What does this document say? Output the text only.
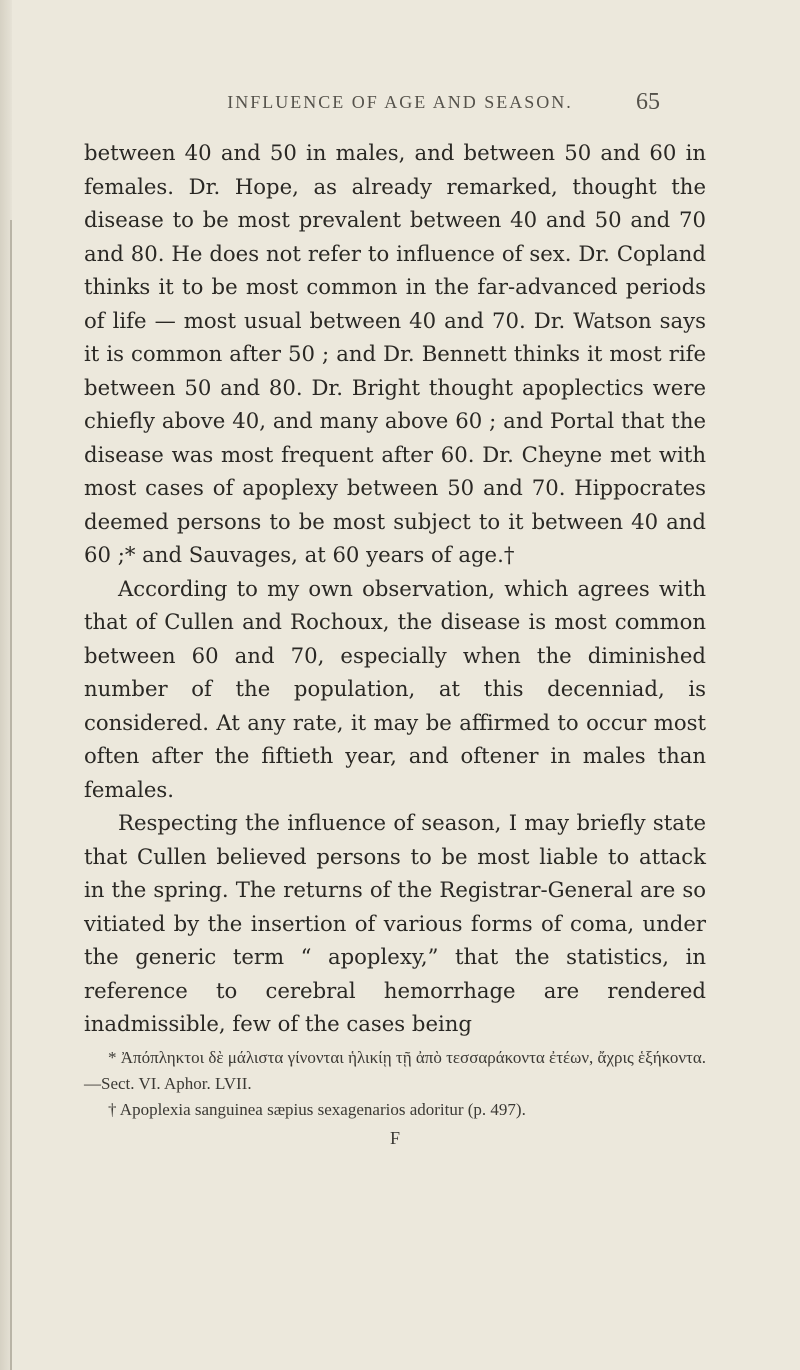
INFLUENCE OF AGE AND SEASON.	65

between 40 and 50 in males, and between 50 and 60 in females. Dr. Hope, as already remarked, thought the disease to be most prevalent between 40 and 50 and 70 and 80. He does not refer to influence of sex. Dr. Copland thinks it to be most common in the far-advanced periods of life — most usual between 40 and 70. Dr. Watson says it is common after 50 ; and Dr. Bennett thinks it most rife between 50 and 80. Dr. Bright thought apoplectics were chiefly above 40, and many above 60 ; and Portal that the disease was most frequent after 60. Dr. Cheyne met with most cases of apoplexy between 50 and 70. Hippocrates deemed persons to be most subject to it between 40 and 60 ;* and Sauvages, at 60 years of age.†

According to my own observation, which agrees with that of Cullen and Rochoux, the disease is most common between 60 and 70, especially when the diminished number of the population, at this decenniad, is considered. At any rate, it may be affirmed to occur most often after the fiftieth year, and oftener in males than females.

Respecting the influence of season, I may briefly state that Cullen believed persons to be most liable to attack in the spring. The returns of the Registrar-General are so vitiated by the insertion of various forms of coma, under the generic term “ apoplexy,” that the statistics, in reference to cerebral hemorrhage are rendered inadmissible, few of the cases being

* Ἀπόπληκτοι δὲ μάλιστα γίνονται ἡλικίῃ τῇ ἀπὸ τεσσαράκοντα ἐτέων, ἄχρις ἑξήκοντα.—Sect. VI. Aphor. LVII.

† Apoplexia sanguinea sæpius sexagenarios adoritur (p. 497).

F
